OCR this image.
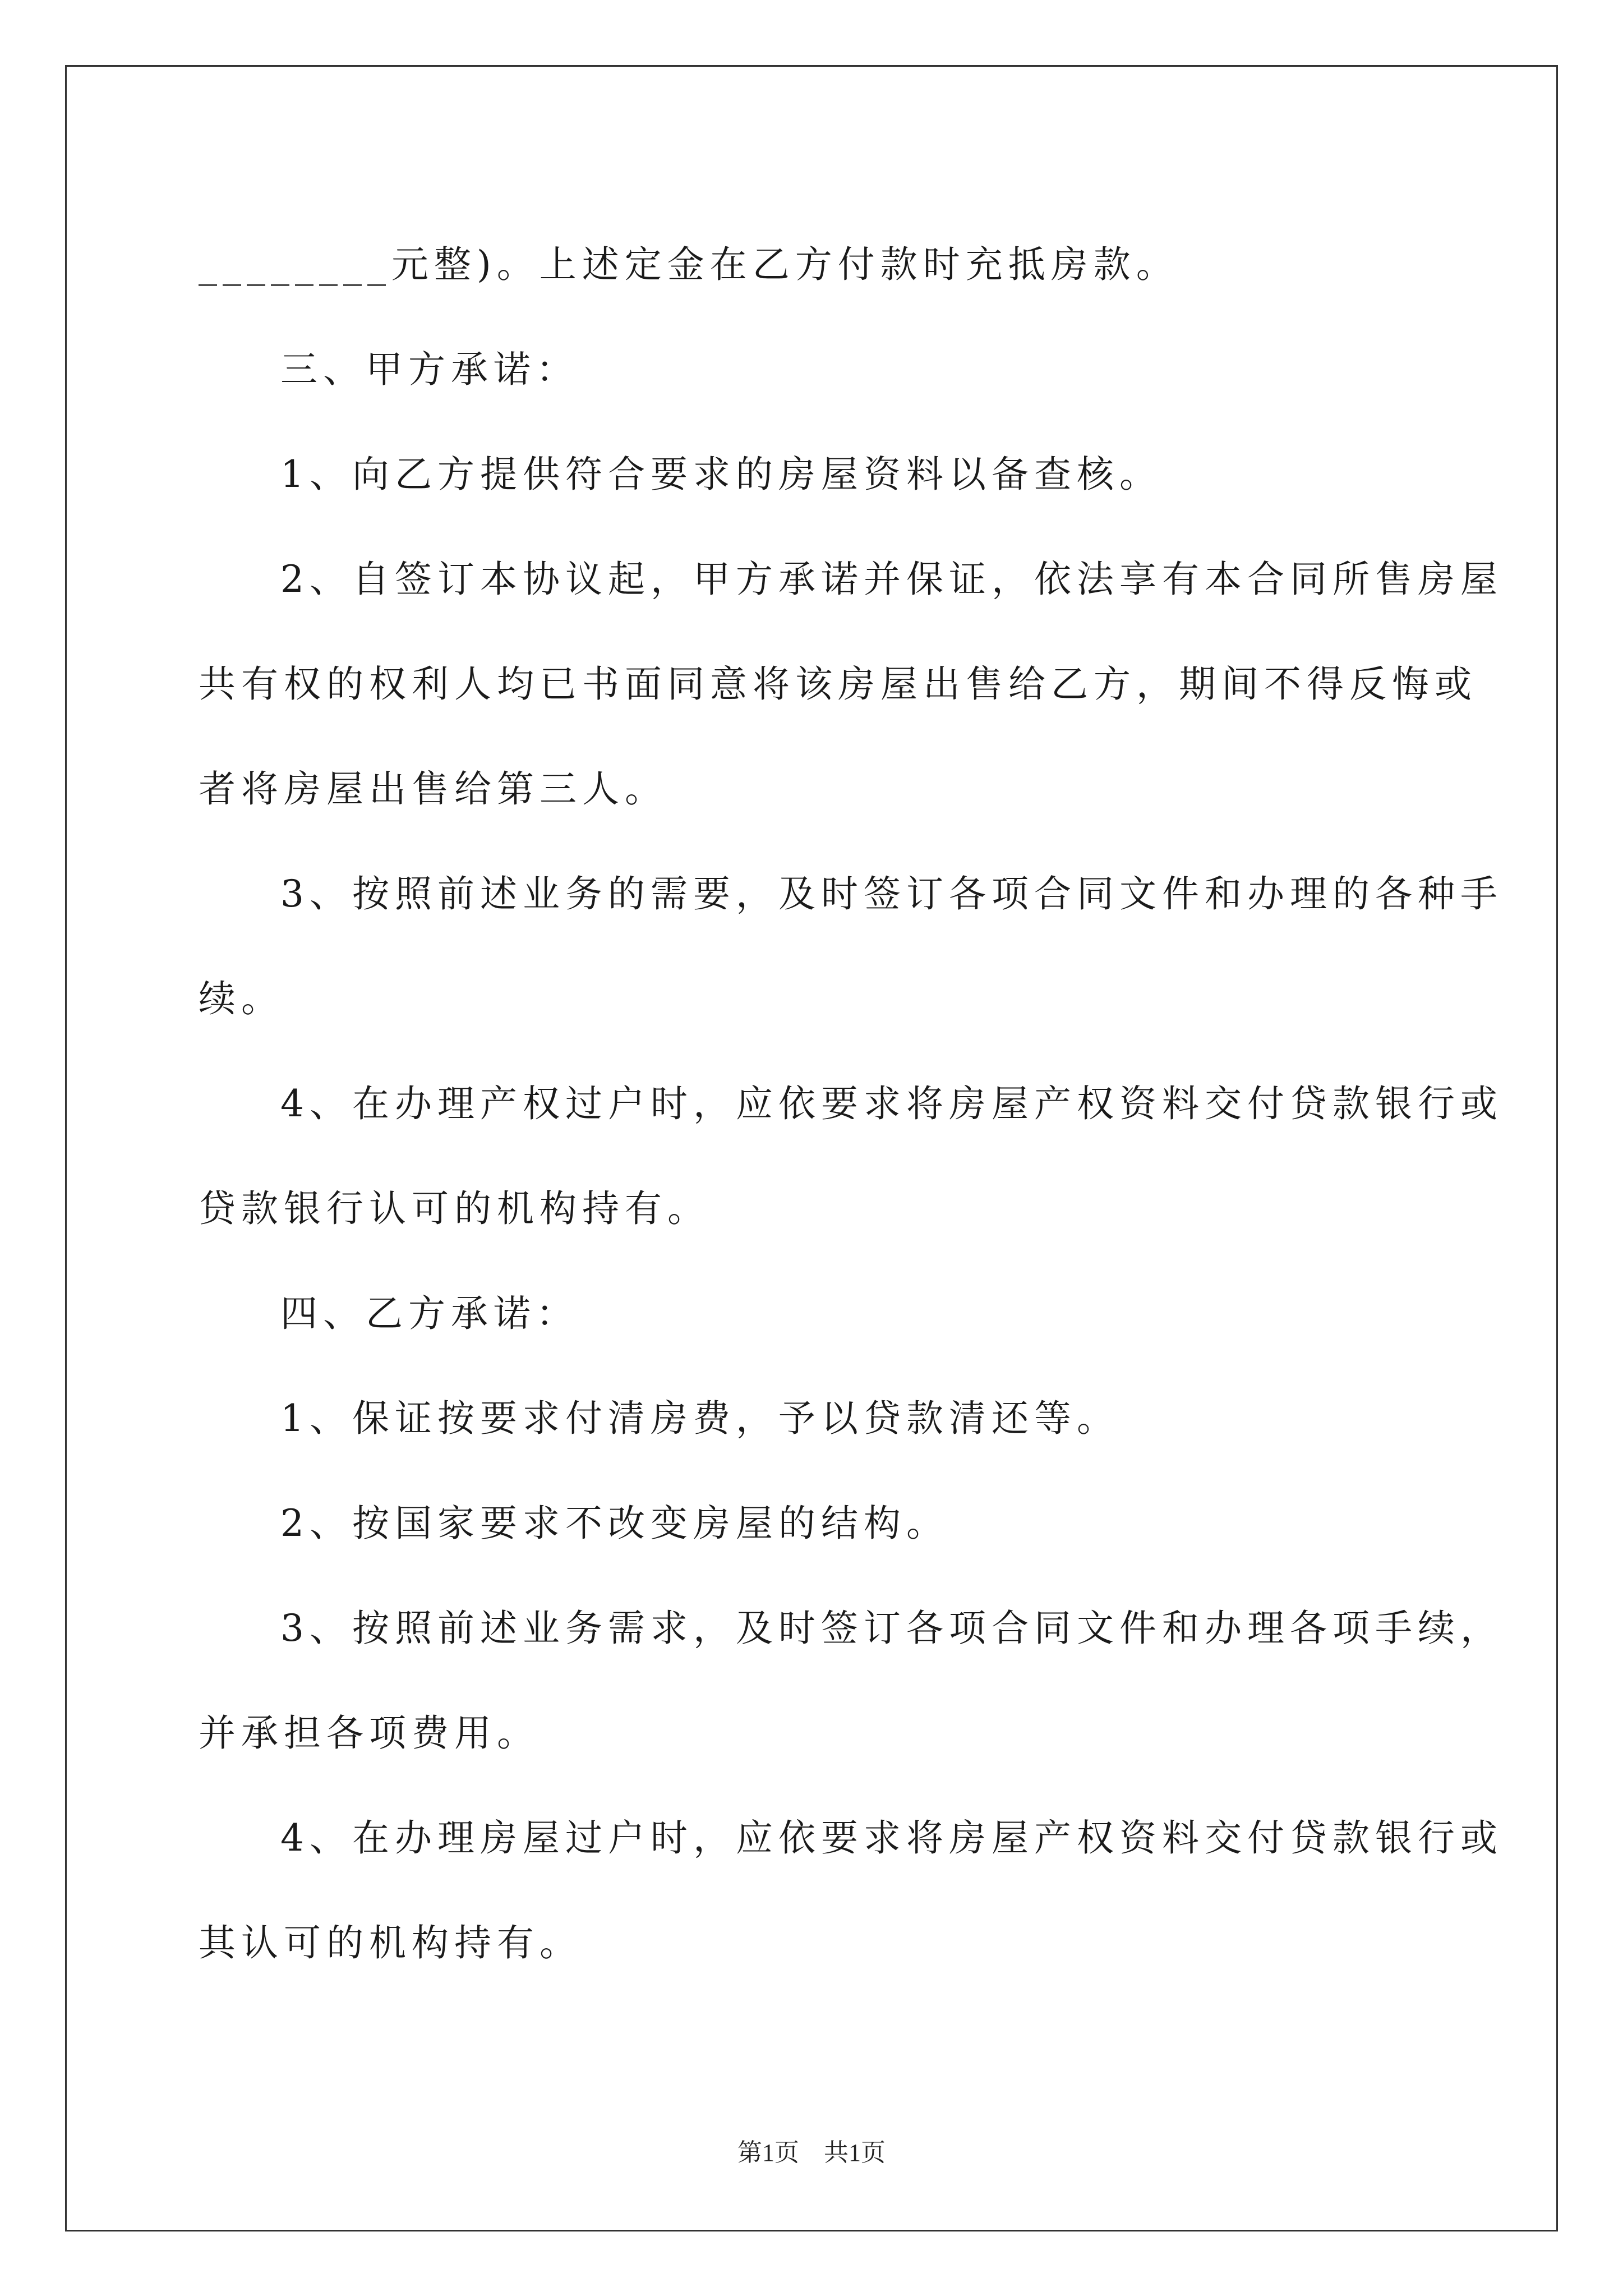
________元整)。上述定金在乙方付款时充抵房款。

三、甲方承诺：

1、向乙方提供符合要求的房屋资料以备查核。

2、自签订本协议起，甲方承诺并保证，依法享有本合同所售房屋

共有权的权利人均已书面同意将该房屋出售给乙方，期间不得反悔或

者将房屋出售给第三人。

3、按照前述业务的需要，及时签订各项合同文件和办理的各种手

续。

4、在办理产权过户时，应依要求将房屋产权资料交付贷款银行或

贷款银行认可的机构持有。

四、乙方承诺：

1、保证按要求付清房费，予以贷款清还等。

2、按国家要求不改变房屋的结构。

3、按照前述业务需求，及时签订各项合同文件和办理各项手续，

并承担各项费用。

4、在办理房屋过户时，应依要求将房屋产权资料交付贷款银行或

其认可的机构持有。

第1页　共1页
